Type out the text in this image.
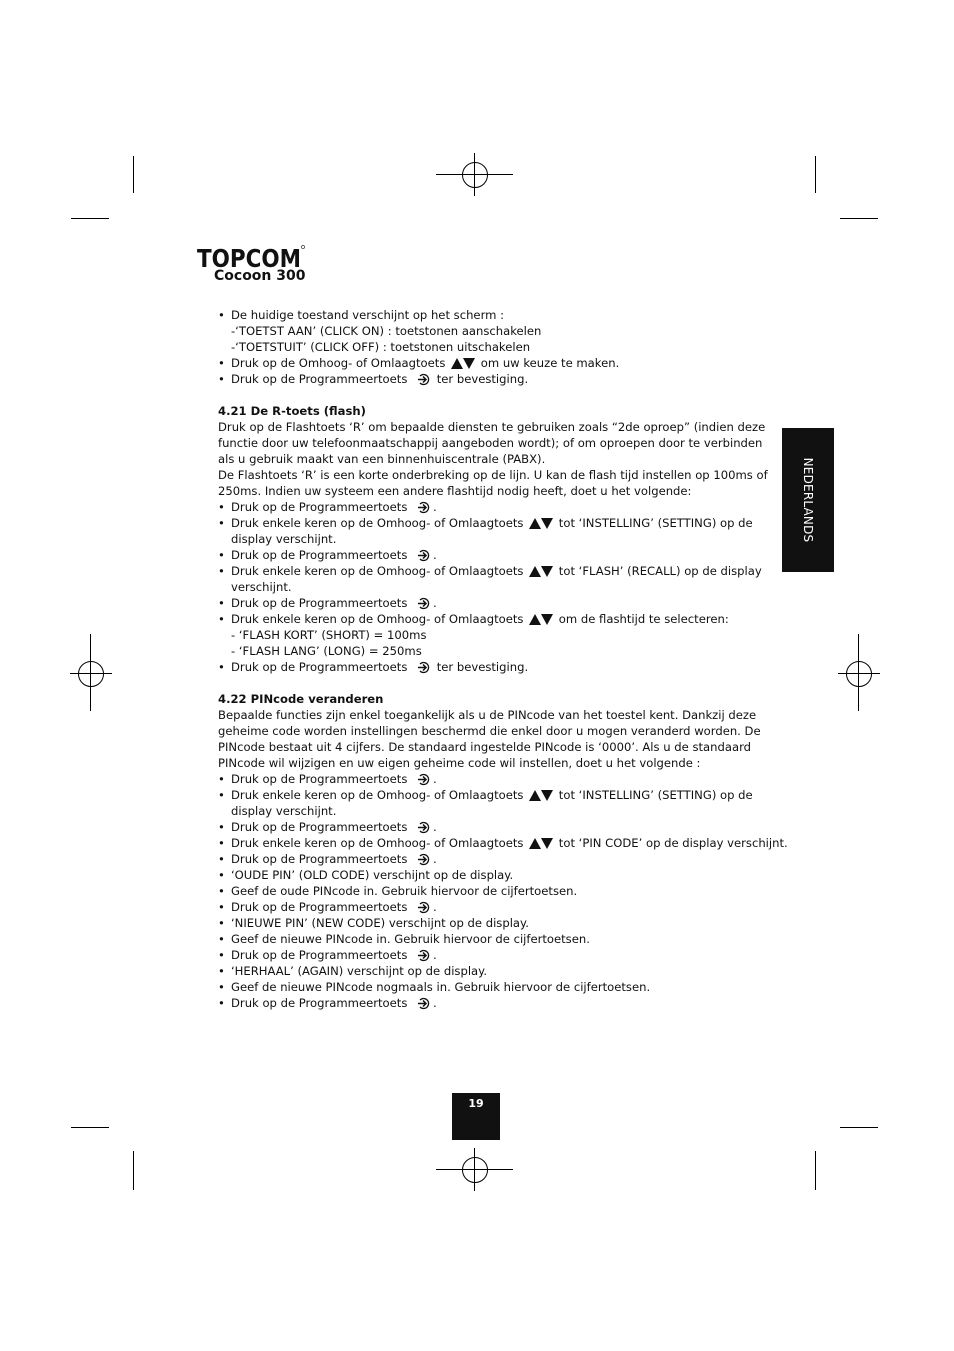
TOPCOM
Cocoon 300
NEDERLANDS
• De huidige toestand verschijnt op het scherm :
-‘TOETST AAN’ (CLICK ON) : toetstonen aanschakelen
-‘TOETSTUIT’ (CLICK OFF) : toetstonen uitschakelen
• Druk op de Omhoog- of Omlaagtoets	om uw keuze te maken.
• Druk op de Programmeertoets  ter bevestiging.
4.21 De R-toets (flash)
Druk op de Flashtoets ‘R’ om bepaalde diensten te gebruiken zoals “2de oproep” (indien deze
functie door uw telefoonmaatschappij aangeboden wordt); of om oproepen door te verbinden
als u gebruik maakt van een binnenhuiscentrale (PABX).
De Flashtoets ‘R’ is een korte onderbreking op de lijn. U kan de flash tijd instellen op 100ms of
250ms. Indien uw systeem een andere flashtijd nodig heeft, doet u het volgende:
• Druk op de Programmeertoets .
• Druk enkele keren op de Omhoog- of Omlaagtoets	tot ‘INSTELLING’ (SETTING) op de
display verschijnt.
• Druk op de Programmeertoets .
• Druk enkele keren op de Omhoog- of Omlaagtoets	tot ‘FLASH’ (RECALL) op de display
verschijnt.
• Druk op de Programmeertoets .
• Druk enkele keren op de Omhoog- of Omlaagtoets	om de flashtijd te selecteren:
- ‘FLASH KORT’ (SHORT) = 100ms
- ‘FLASH LANG’ (LONG) = 250ms
• Druk op de Programmeertoets  ter bevestiging.
4.22 PINcode veranderen
Bepaalde functies zijn enkel toegankelijk als u de PINcode van het toestel kent. Dankzij deze
geheime code worden instellingen beschermd die enkel door u mogen veranderd worden. De
PINcode bestaat uit 4 cijfers. De standaard ingestelde PINcode is ‘0000’. Als u de standaard
PINcode wil wijzigen en uw eigen geheime code wil instellen, doet u het volgende :
• Druk op de Programmeertoets .
• Druk enkele keren op de Omhoog- of Omlaagtoets	tot ‘INSTELLING’ (SETTING) op de
display verschijnt.
• Druk op de Programmeertoets .
• Druk enkele keren op de Omhoog- of Omlaagtoets	tot ‘PIN CODE’ op de display verschijnt.
• Druk op de Programmeertoets .
• ‘OUDE PIN’ (OLD CODE) verschijnt op de display.
• Geef de oude PINcode in. Gebruik hiervoor de cijfertoetsen.
• Druk op de Programmeertoets .
• ‘NIEUWE PIN’ (NEW CODE) verschijnt op de display.
• Geef de nieuwe PINcode in. Gebruik hiervoor de cijfertoetsen.
• Druk op de Programmeertoets .
• ‘HERHAAL’ (AGAIN) verschijnt op de display.
• Geef de nieuwe PINcode nogmaals in. Gebruik hiervoor de cijfertoetsen.
• Druk op de Programmeertoets .
19
